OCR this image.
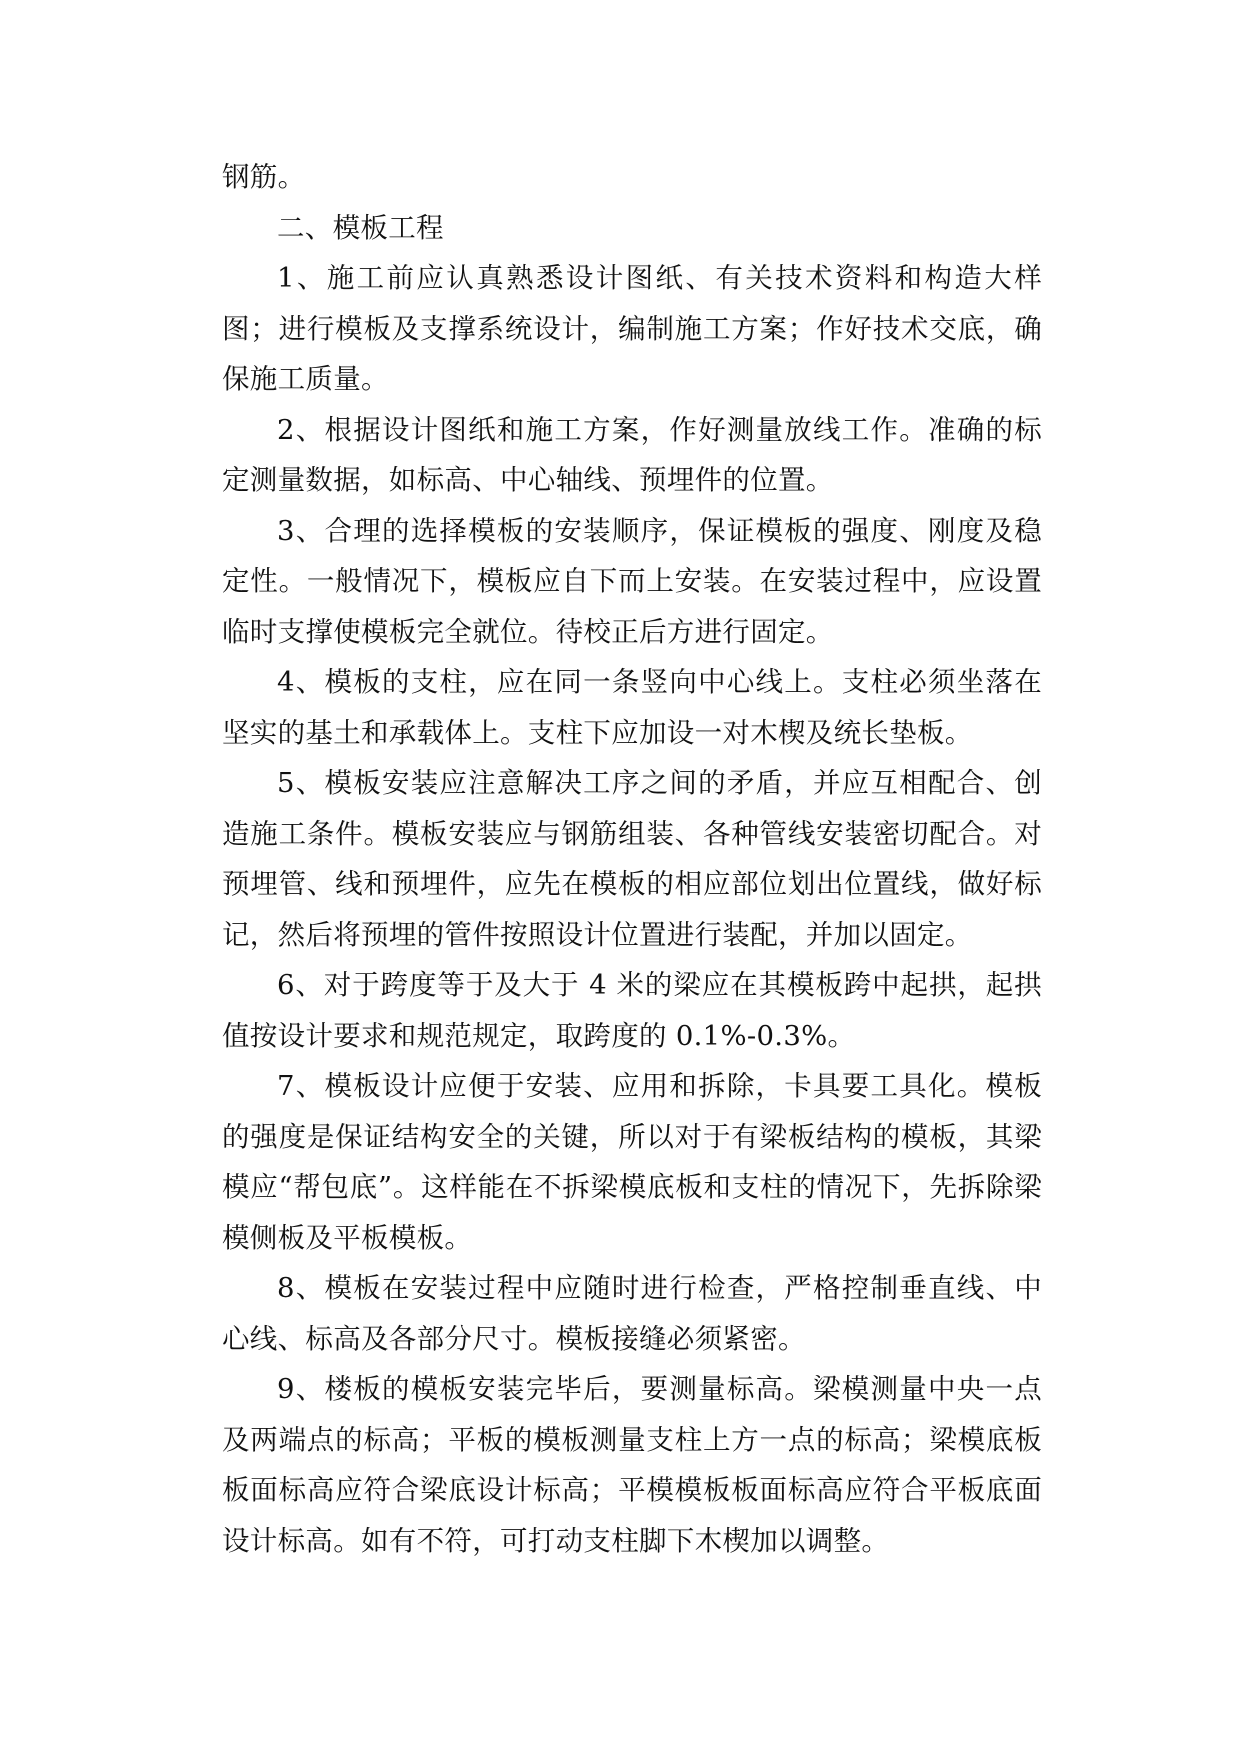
钢筋。

二、模板工程

1、施工前应认真熟悉设计图纸、有关技术资料和构造大样图；进行模板及支撑系统设计，编制施工方案；作好技术交底，确保施工质量。

2、根据设计图纸和施工方案，作好测量放线工作。准确的标定测量数据，如标高、中心轴线、预埋件的位置。

3、合理的选择模板的安装顺序，保证模板的强度、刚度及稳定性。一般情况下，模板应自下而上安装。在安装过程中，应设置临时支撑使模板完全就位。待校正后方进行固定。

4、模板的支柱，应在同一条竖向中心线上。支柱必须坐落在坚实的基土和承载体上。支柱下应加设一对木楔及统长垫板。

5、模板安装应注意解决工序之间的矛盾，并应互相配合、创造施工条件。模板安装应与钢筋组装、各种管线安装密切配合。对预埋管、线和预埋件，应先在模板的相应部位划出位置线，做好标记，然后将预埋的管件按照设计位置进行装配，并加以固定。

6、对于跨度等于及大于 4 米的梁应在其模板跨中起拱，起拱值按设计要求和规范规定，取跨度的 0.1%-0.3%。

7、模板设计应便于安装、应用和拆除，卡具要工具化。模板的强度是保证结构安全的关键，所以对于有梁板结构的模板，其梁模应“帮包底”。这样能在不拆梁模底板和支柱的情况下，先拆除梁模侧板及平板模板。

8、模板在安装过程中应随时进行检查，严格控制垂直线、中心线、标高及各部分尺寸。模板接缝必须紧密。

9、楼板的模板安装完毕后，要测量标高。梁模测量中央一点及两端点的标高；平板的模板测量支柱上方一点的标高；梁模底板板面标高应符合梁底设计标高；平模模板板面标高应符合平板底面设计标高。如有不符，可打动支柱脚下木楔加以调整。
